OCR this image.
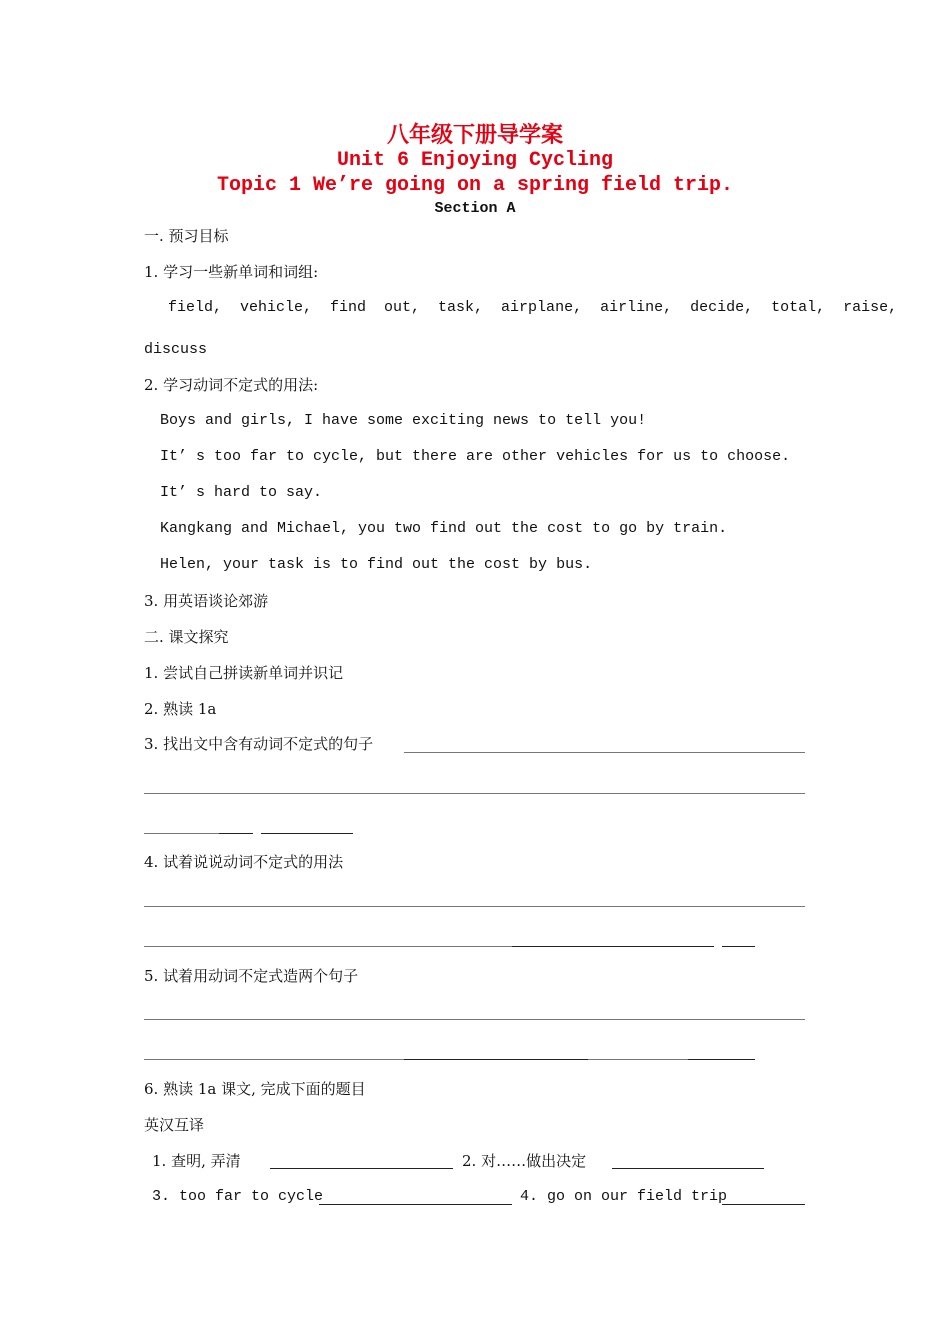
八年级下册导学案
Unit 6 Enjoying Cycling
Topic 1 We’re going on a spring field trip.
Section A
一. 预习目标
1. 学习一些新单词和词组:
field,  vehicle,  find  out,  task,  airplane,  airline,  decide,  total,  raise,
discuss
2. 学习动词不定式的用法:
Boys and girls, I have some exciting news to tell you!
It’ s too far to cycle, but there are other vehicles for us to choose.
It’ s hard to say.
Kangkang and Michael, you two find out the cost to go by train.
Helen, your task is to find out the cost by bus.
3. 用英语谈论郊游
二. 课文探究
1. 尝试自己拼读新单词并识记
2. 熟读 1a
3. 找出文中含有动词不定式的句子
4. 试着说说动词不定式的用法
5. 试着用动词不定式造两个句子
6. 熟读 1a 课文, 完成下面的题目
英汉互译
1. 查明, 弄清	2. 对……做出决定
3. too far to cycle	4. go on our field trip
